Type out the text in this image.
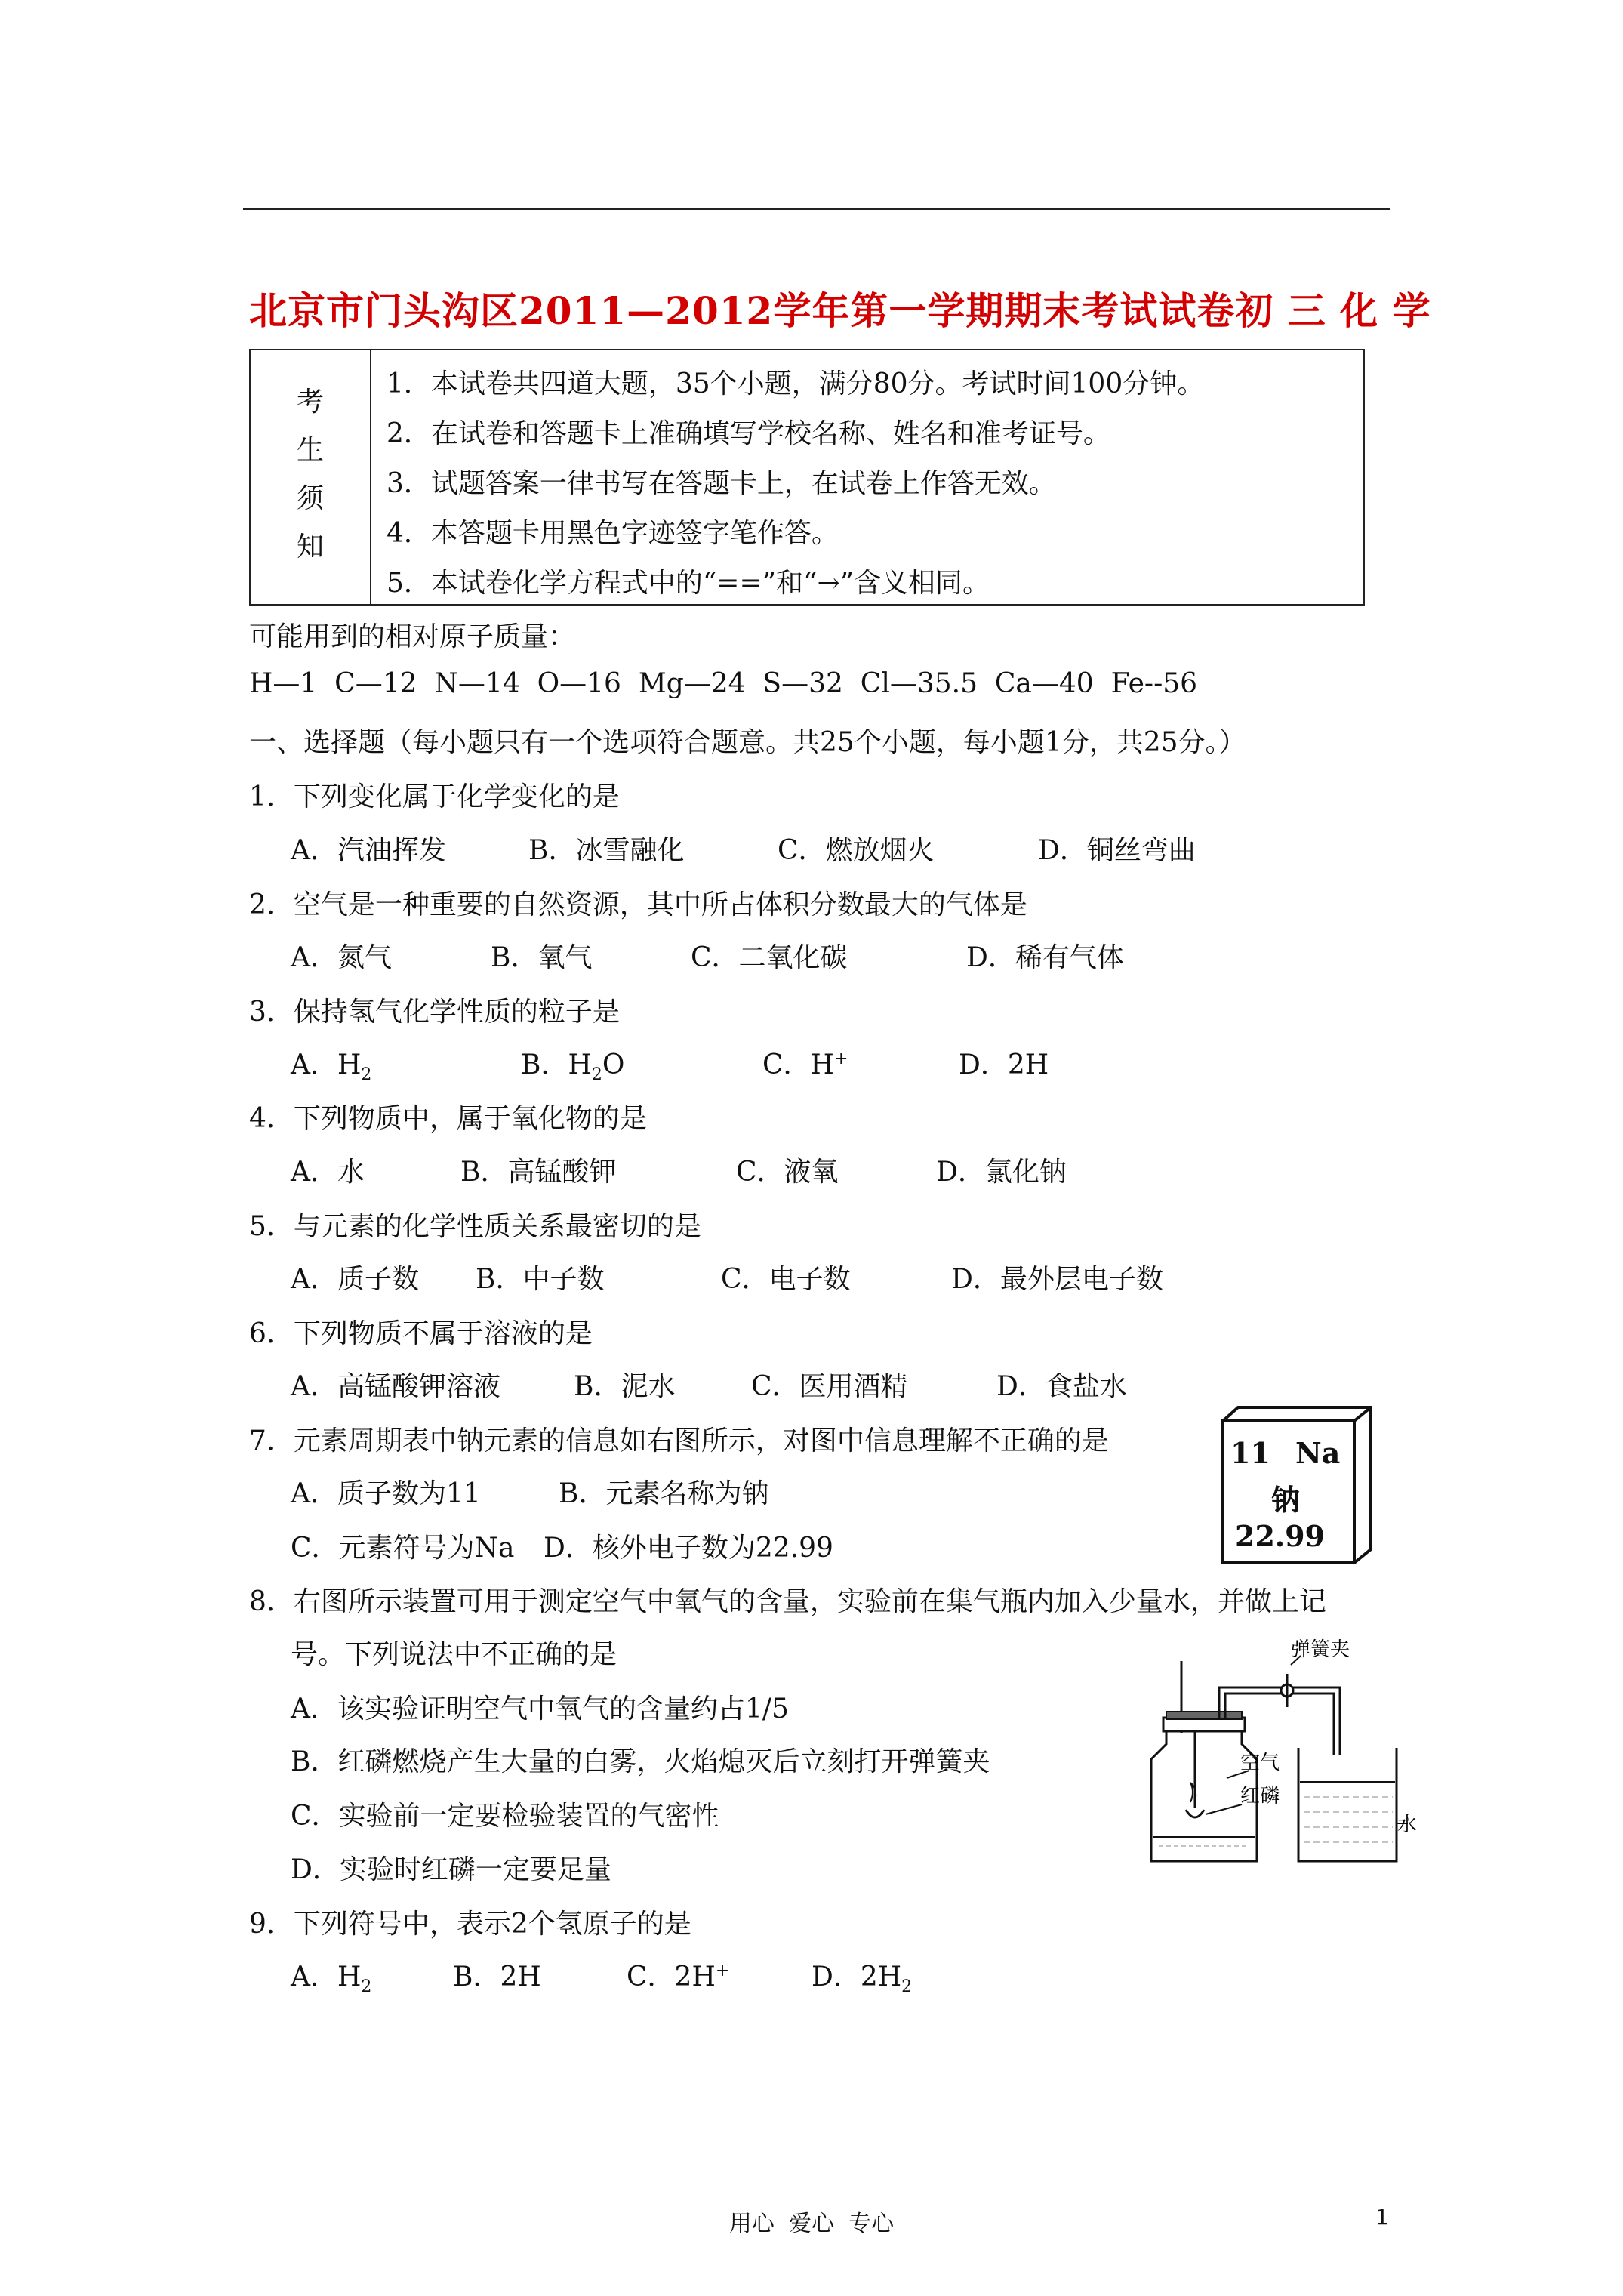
北京市门头沟区2011—2012学年第一学期期末考试试卷初 三 化 学
考
生
须
知
1．本试卷共四道大题，35个小题，满分80分。考试时间100分钟。
2．在试卷和答题卡上准确填写学校名称、姓名和准考证号。
3．试题答案一律书写在答题卡上，在试卷上作答无效。
4．本答题卡用黑色字迹签字笔作答。
5．本试卷化学方程式中的“==”和“→”含义相同。
可能用到的相对原子质量：
H—1  C—12  N—14  O—16  Mg—24  S—32  Cl—35.5  Ca—40  Fe--56
一、选择题（每小题只有一个选项符合题意。共25个小题，每小题1分，共25分。）
1．下列变化属于化学变化的是
A．汽油挥发	B．冰雪融化	C．燃放烟火	D．铜丝弯曲
2．空气是一种重要的自然资源，其中所占体积分数最大的气体是
A．氮气	B．氧气	C．二氧化碳	D．稀有气体
3．保持氢气化学性质的粒子是
A．$H_2$	B．$H_2O$	C．H+	D．2H
4．下列物质中，属于氧化物的是
A．水	B．高锰酸钾	C．液氧	D．氯化钠
5．与元素的化学性质关系最密切的是
A．质子数 B．中子数	C．电子数	D．最外层电子数
6．下列物质不属于溶液的是
A．高锰酸钾溶液	B．泥水	C．医用酒精	D．食盐水
7．元素周期表中钠元素的信息如右图所示，对图中信息理解不正确的是
A．质子数为11	B．元素名称为钠
C．元素符号为Na D．核外电子数为22.99
11 Na
钠
22.99
8．右图所示装置可用于测定空气中氧气的含量，实验前在集气瓶内加入少量水，并做上记
号。下列说法中不正确的是
A．该实验证明空气中氧气的含量约占1/5
B．红磷燃烧产生大量的白雾，火焰熄灭后立刻打开弹簧夹
C．实验前一定要检验装置的气密性
D．实验时红磷一定要足量
弹簧夹
空气
红磷
水
9．下列符号中，表示2个氢原子的是
A．$H_2$	B．2H	C．2H+	D．$2H_2$
用心  爱心  专心	1
